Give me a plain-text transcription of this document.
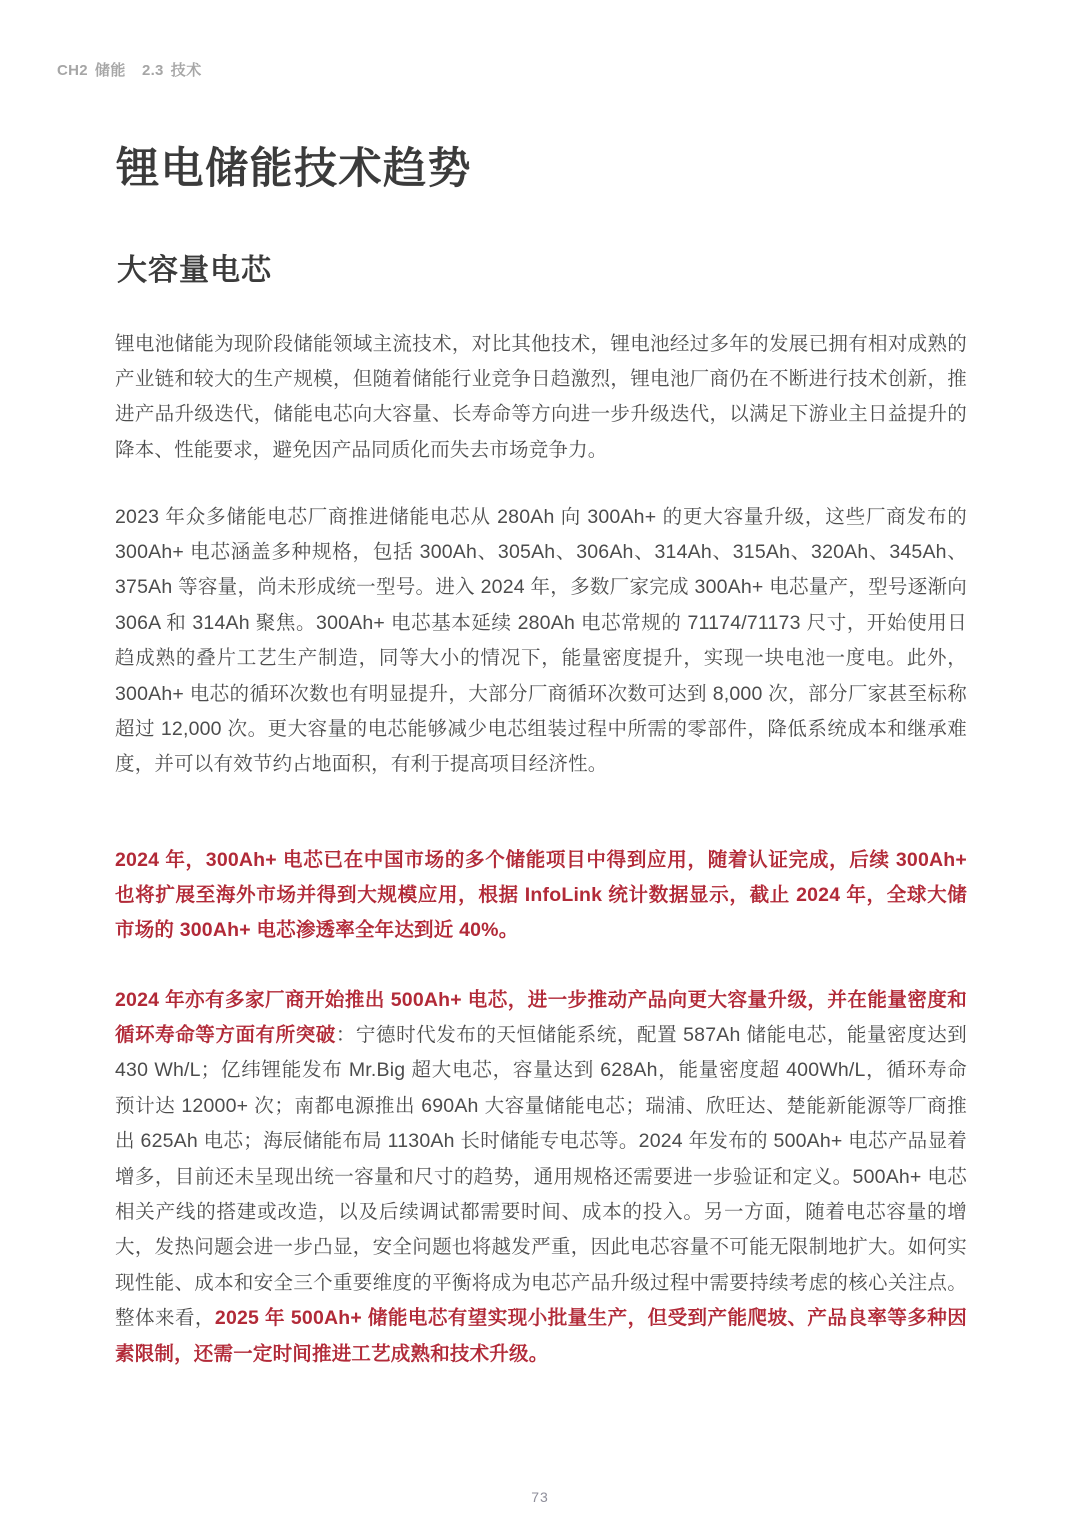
CH2 储能 2.3 技术
锂电储能技术趋势
大容量电芯

锂电池储能为现阶段储能领域主流技术，对比其他技术，锂电池经过多年的发展已拥有相对成熟的产业链和较大的生产规模，但随着储能行业竞争日趋激烈，锂电池厂商仍在不断进行技术创新，推进产品升级迭代，储能电芯向大容量、长寿命等方向进一步升级迭代，以满足下游业主日益提升的降本、性能要求，避免因产品同质化而失去市场竞争力。

2023 年众多储能电芯厂商推进储能电芯从 280Ah 向 300Ah+ 的更大容量升级，这些厂商发布的 300Ah+ 电芯涵盖多种规格，包括 300Ah、305Ah、306Ah、314Ah、315Ah、320Ah、345Ah、375Ah 等容量，尚未形成统一型号。进入 2024 年，多数厂家完成 300Ah+ 电芯量产，型号逐渐向 306A 和 314Ah 聚焦。300Ah+ 电芯基本延续 280Ah 电芯常规的 71174/71173 尺寸，开始使用日趋成熟的叠片工艺生产制造，同等大小的情况下，能量密度提升，实现一块电池一度电。此外， 300Ah+ 电芯的循环次数也有明显提升，大部分厂商循环次数可达到 8,000 次，部分厂家甚至标称超过 12,000 次。更大容量的电芯能够减少电芯组装过程中所需的零部件，降低系统成本和继承难度，并可以有效节约占地面积，有利于提高项目经济性。

2024 年，300Ah+ 电芯已在中国市场的多个储能项目中得到应用，随着认证完成，后续 300Ah+ 也将扩展至海外市场并得到大规模应用，根据 InfoLink 统计数据显示，截止 2024 年，全球大储市场的 300Ah+ 电芯渗透率全年达到近 40%。

2024 年亦有多家厂商开始推出 500Ah+ 电芯，进一步推动产品向更大容量升级，并在能量密度和循环寿命等方面有所突破：宁德时代发布的天恒储能系统，配置 587Ah 储能电芯，能量密度达到 430 Wh/L；亿纬锂能发布 Mr.Big 超大电芯，容量达到 628Ah，能量密度超 400Wh/L，循环寿命预计达 12000+ 次；南都电源推出 690Ah 大容量储能电芯；瑞浦、欣旺达、楚能新能源等厂商推出 625Ah 电芯；海辰储能布局 1130Ah 长时储能专电芯等。2024 年发布的 500Ah+ 电芯产品显着增多，目前还未呈现出统一容量和尺寸的趋势，通用规格还需要进一步验证和定义。500Ah+ 电芯相关产线的搭建或改造，以及后续调试都需要时间、成本的投入。另一方面，随着电芯容量的增大，发热问题会进一步凸显，安全问题也将越发严重，因此电芯容量不可能无限制地扩大。如何实现性能、成本和安全三个重要维度的平衡将成为电芯产品升级过程中需要持续考虑的核心关注点。整体来看，2025 年 500Ah+ 储能电芯有望实现小批量生产，但受到产能爬坡、产品良率等多种因素限制，还需一定时间推进工艺成熟和技术升级。

73
